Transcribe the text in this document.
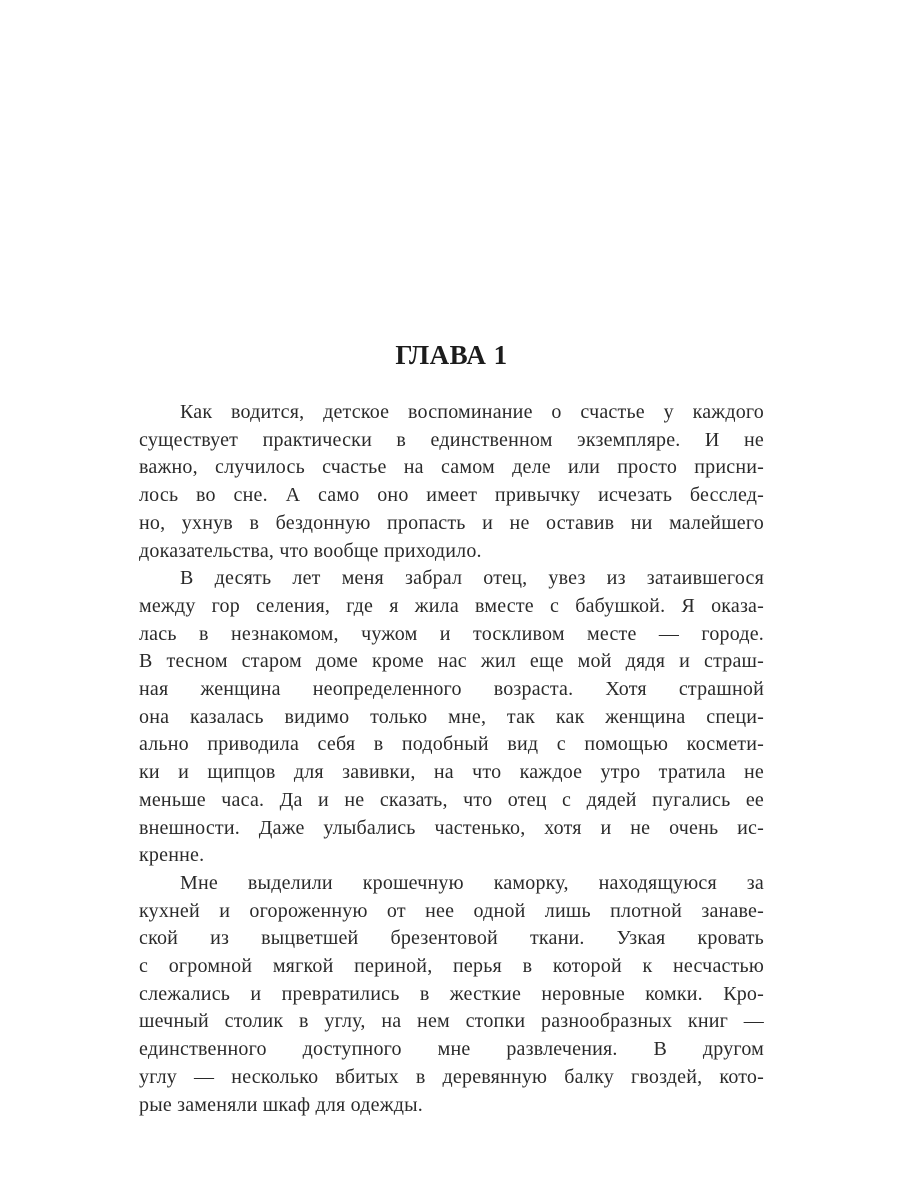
ГЛАВА 1
Как водится, детское воспоминание о счастье у каждого
существует практически в единственном экземпляре. И не
важно, случилось счастье на самом деле или просто присни-
лось во сне. А само оно имеет привычку исчезать бесслед-
но, ухнув в бездонную пропасть и не оставив ни малейшего
доказательства, что вообще приходило.
В десять лет меня забрал отец, увез из затаившегося
между гор селения, где я жила вместе с бабушкой. Я оказа-
лась в незнакомом, чужом и тоскливом месте — городе.
В тесном старом доме кроме нас жил еще мой дядя и страш-
ная женщина неопределенного возраста. Хотя страшной
она казалась видимо только мне, так как женщина специ-
ально приводила себя в подобный вид с помощью космети-
ки и щипцов для завивки, на что каждое утро тратила не
меньше часа. Да и не сказать, что отец с дядей пугались ее
внешности. Даже улыбались частенько, хотя и не очень ис-
кренне.
Мне выделили крошечную каморку, находящуюся за
кухней и огороженную от нее одной лишь плотной занаве-
ской из выцветшей брезентовой ткани. Узкая кровать
с огромной мягкой периной, перья в которой к несчастью
слежались и превратились в жесткие неровные комки. Кро-
шечный столик в углу, на нем стопки разнообразных книг —
единственного доступного мне развлечения. В другом
углу — несколько вбитых в деревянную балку гвоздей, кото-
рые заменяли шкаф для одежды.
